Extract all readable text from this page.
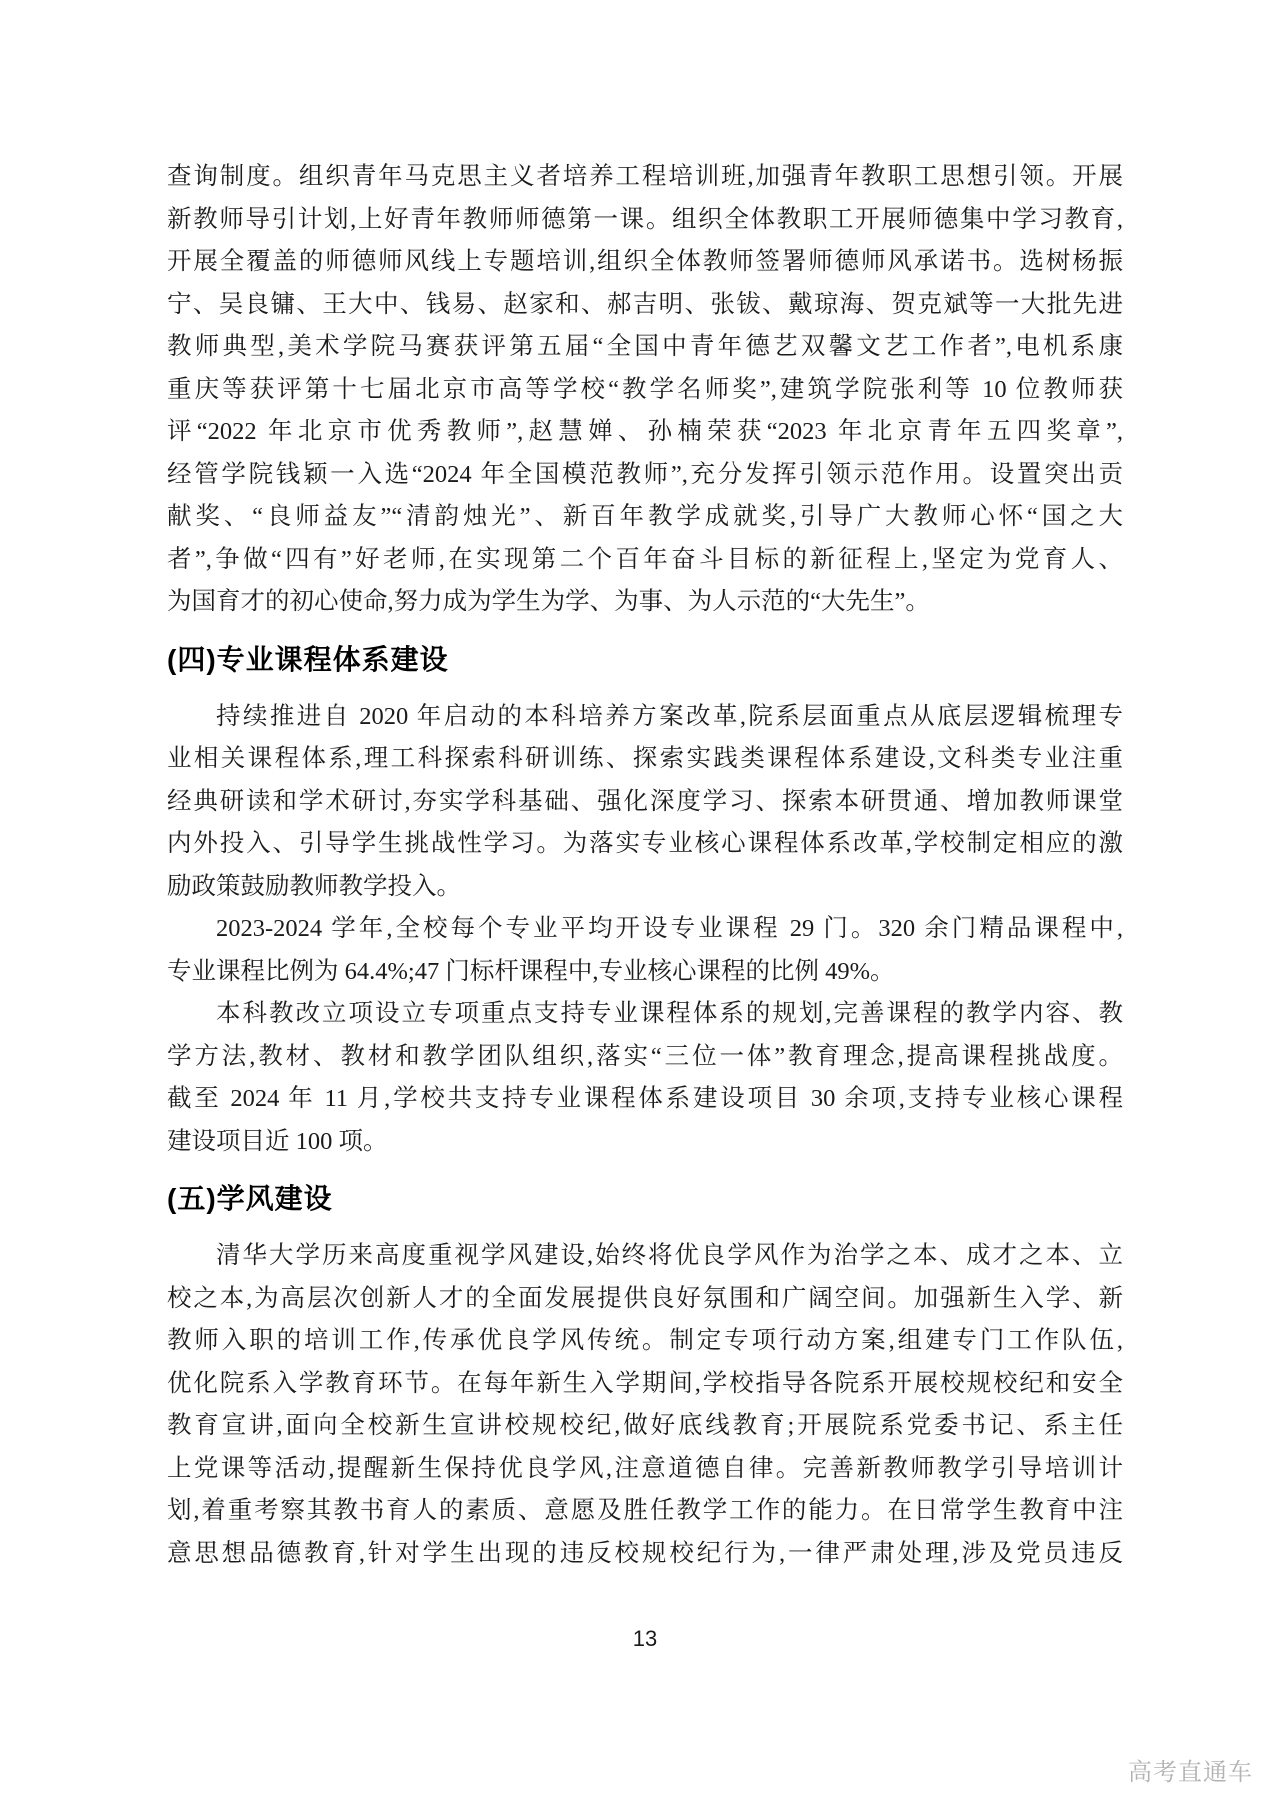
查询制度。组织青年马克思主义者培养工程培训班,加强青年教职工思想引领。开展
新教师导引计划,上好青年教师师德第一课。组织全体教职工开展师德集中学习教育,
开展全覆盖的师德师风线上专题培训,组织全体教师签署师德师风承诺书。选树杨振
宁、吴良镛、王大中、钱易、赵家和、郝吉明、张钹、戴琼海、贺克斌等一大批先进
教师典型,美术学院马赛获评第五届“全国中青年德艺双馨文艺工作者”,电机系康
重庆等获评第十七届北京市高等学校“教学名师奖”,建筑学院张利等 10 位教师获
评“2022 年北京市优秀教师”,赵慧婵、孙楠荣获“2023 年北京青年五四奖章”,
经管学院钱颖一入选“2024 年全国模范教师”,充分发挥引领示范作用。设置突出贡
献奖、“良师益友”“清韵烛光”、新百年教学成就奖,引导广大教师心怀“国之大
者”,争做“四有”好老师,在实现第二个百年奋斗目标的新征程上,坚定为党育人、
为国育才的初心使命,努力成为学生为学、为事、为人示范的“大先生”。
(四)专业课程体系建设
持续推进自 2020 年启动的本科培养方案改革,院系层面重点从底层逻辑梳理专
业相关课程体系,理工科探索科研训练、探索实践类课程体系建设,文科类专业注重
经典研读和学术研讨,夯实学科基础、强化深度学习、探索本研贯通、增加教师课堂
内外投入、引导学生挑战性学习。为落实专业核心课程体系改革,学校制定相应的激
励政策鼓励教师教学投入。
2023-2024 学年,全校每个专业平均开设专业课程 29 门。320 余门精品课程中,
专业课程比例为 64.4%;47 门标杆课程中,专业核心课程的比例 49%。
本科教改立项设立专项重点支持专业课程体系的规划,完善课程的教学内容、教
学方法,教材、教材和教学团队组织,落实“三位一体”教育理念,提高课程挑战度。
截至 2024 年 11 月,学校共支持专业课程体系建设项目 30 余项,支持专业核心课程
建设项目近 100 项。
(五)学风建设
清华大学历来高度重视学风建设,始终将优良学风作为治学之本、成才之本、立
校之本,为高层次创新人才的全面发展提供良好氛围和广阔空间。加强新生入学、新
教师入职的培训工作,传承优良学风传统。制定专项行动方案,组建专门工作队伍,
优化院系入学教育环节。在每年新生入学期间,学校指导各院系开展校规校纪和安全
教育宣讲,面向全校新生宣讲校规校纪,做好底线教育;开展院系党委书记、系主任
上党课等活动,提醒新生保持优良学风,注意道德自律。完善新教师教学引导培训计
划,着重考察其教书育人的素质、意愿及胜任教学工作的能力。在日常学生教育中注
意思想品德教育,针对学生出现的违反校规校纪行为,一律严肃处理,涉及党员违反
13
高考直通车
